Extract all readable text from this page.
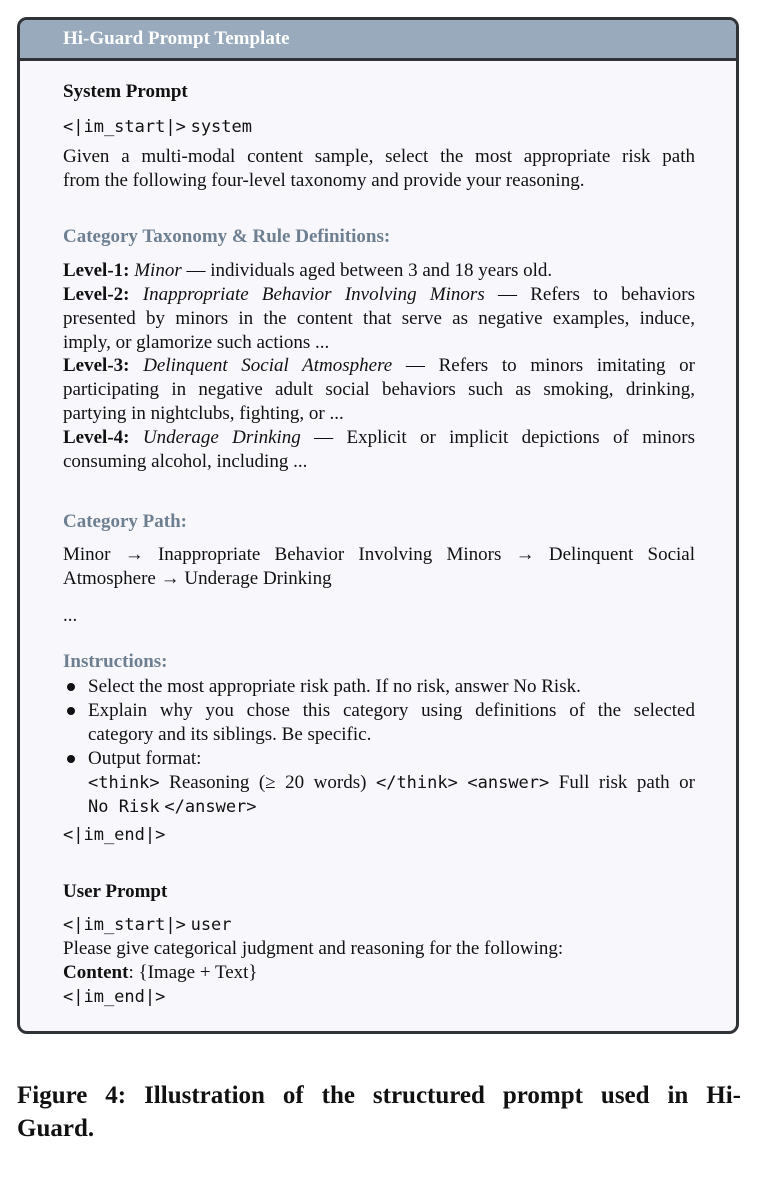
Hi-Guard Prompt Template
System Prompt
<|im_start|> system
Given a multi-modal content sample, select the most appropriate risk path
from the following four-level taxonomy and provide your reasoning.
Category Taxonomy & Rule Definitions:
Level-1: Minor — individuals aged between 3 and 18 years old.
Level-2: Inappropriate Behavior Involving Minors — Refers to behaviors
presented by minors in the content that serve as negative examples, induce,
imply, or glamorize such actions ...
Level-3: Delinquent Social Atmosphere — Refers to minors imitating or
participating in negative adult social behaviors such as smoking, drinking,
partying in nightclubs, fighting, or ...
Level-4: Underage Drinking — Explicit or implicit depictions of minors
consuming alcohol, including ...
Category Path:
Minor → Inappropriate Behavior Involving Minors → Delinquent Social
Atmosphere → Underage Drinking
...
Instructions:
Select the most appropriate risk path. If no risk, answer No Risk.
Explain why you chose this category using definitions of the selected
category and its siblings. Be specific.
Output format:
<think> Reasoning (≥ 20 words) </think> <answer> Full risk path or
No Risk </answer>
<|im_end|>
User Prompt
<|im_start|> user
Please give categorical judgment and reasoning for the following:
Content: {Image + Text}
<|im_end|>
Figure 4: Illustration of the structured prompt used in Hi-
Guard.
